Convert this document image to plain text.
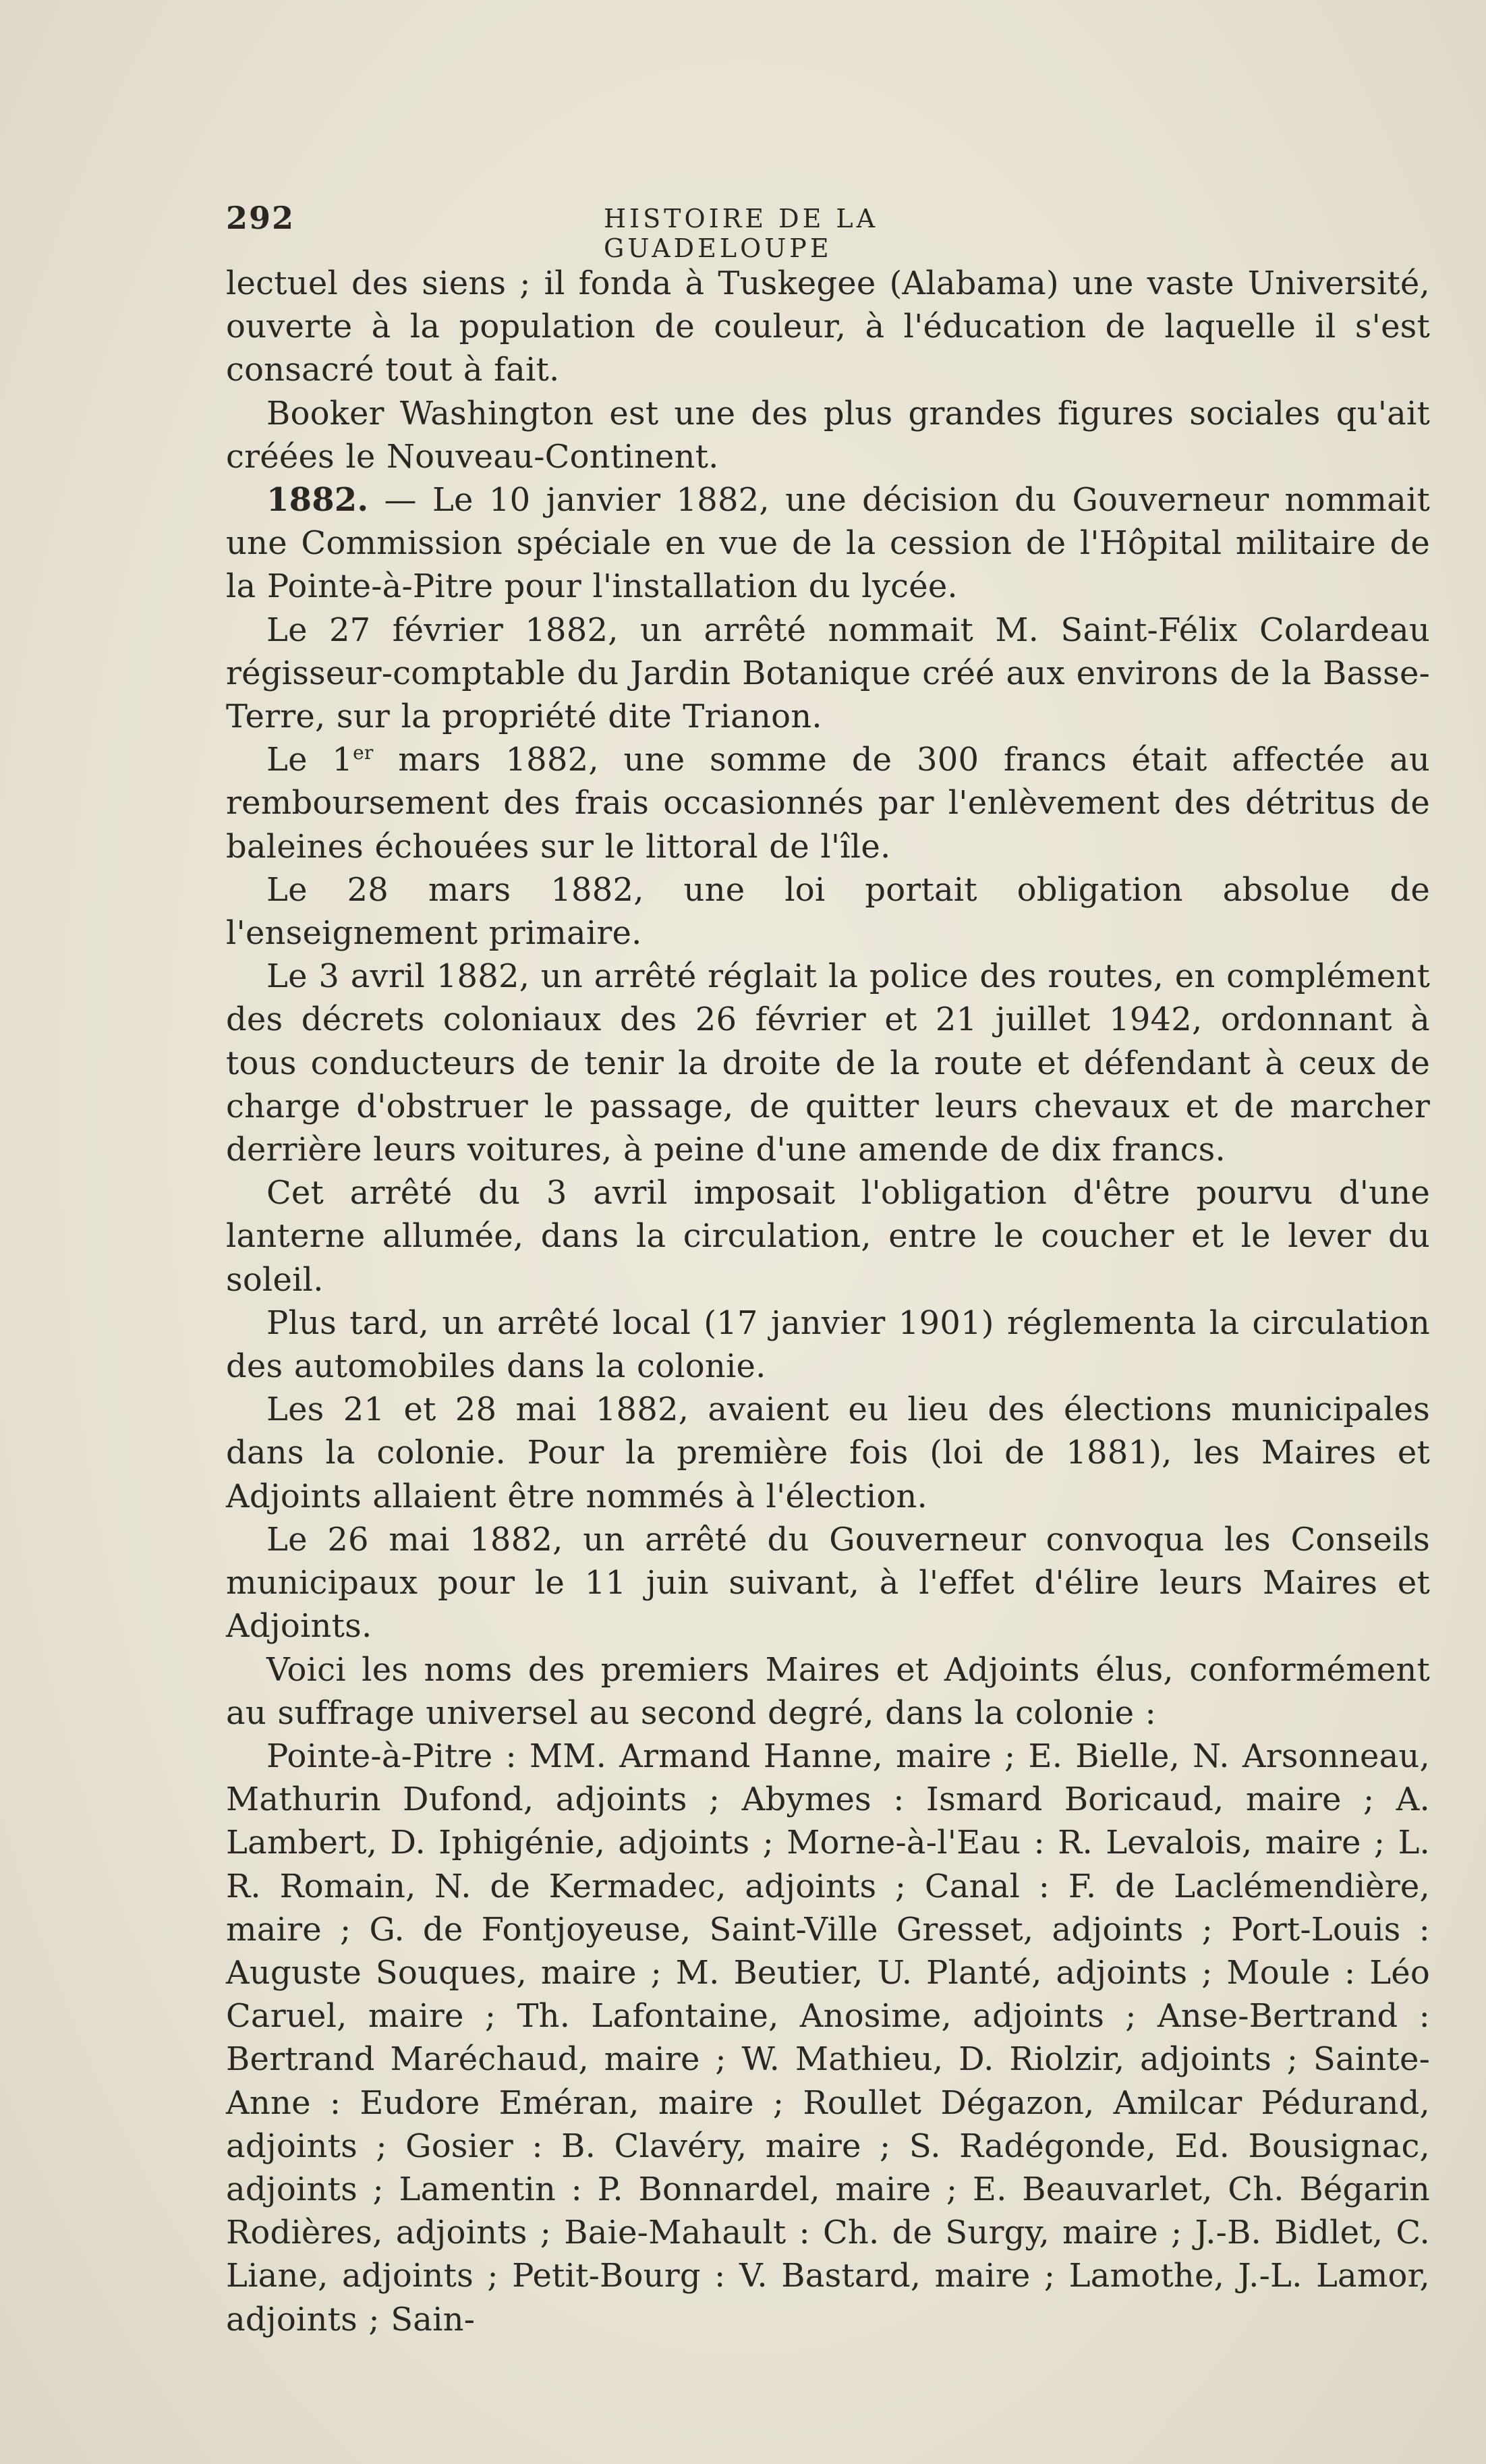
292	HISTOIRE DE LA GUADELOUPE

lectuel des siens ; il fonda à Tuskegee (Alabama) une vaste Université, ouverte à la population de couleur, à l'éducation de laquelle il s'est consacré tout à fait.

Booker Washington est une des plus grandes figures sociales qu'ait créées le Nouveau-Continent.

1882. — Le 10 janvier 1882, une décision du Gouverneur nommait une Commission spéciale en vue de la cession de l'Hôpital militaire de la Pointe-à-Pitre pour l'installation du lycée.

Le 27 février 1882, un arrêté nommait M. Saint-Félix Colardeau régisseur-comptable du Jardin Botanique créé aux environs de la Basse-Terre, sur la propriété dite Trianon.

Le 1er mars 1882, une somme de 300 francs était affectée au remboursement des frais occasionnés par l'enlèvement des détritus de baleines échouées sur le littoral de l'île.

Le 28 mars 1882, une loi portait obligation absolue de l'enseignement primaire.

Le 3 avril 1882, un arrêté réglait la police des routes, en complément des décrets coloniaux des 26 février et 21 juillet 1942, ordonnant à tous conducteurs de tenir la droite de la route et défendant à ceux de charge d'obstruer le passage, de quitter leurs chevaux et de marcher derrière leurs voitures, à peine d'une amende de dix francs.

Cet arrêté du 3 avril imposait l'obligation d'être pourvu d'une lanterne allumée, dans la circulation, entre le coucher et le lever du soleil.

Plus tard, un arrêté local (17 janvier 1901) réglementa la circulation des automobiles dans la colonie.

Les 21 et 28 mai 1882, avaient eu lieu des élections municipales dans la colonie. Pour la première fois (loi de 1881), les Maires et Adjoints allaient être nommés à l'élection.

Le 26 mai 1882, un arrêté du Gouverneur convoqua les Conseils municipaux pour le 11 juin suivant, à l'effet d'élire leurs Maires et Adjoints.

Voici les noms des premiers Maires et Adjoints élus, conformément au suffrage universel au second degré, dans la colonie :

Pointe-à-Pitre : MM. Armand Hanne, maire ; E. Bielle, N. Arsonneau, Mathurin Dufond, adjoints ; Abymes : Ismard Boricaud, maire ; A. Lambert, D. Iphigénie, adjoints ; Morne-à-l'Eau : R. Levalois, maire ; L. R. Romain, N. de Kermadec, adjoints ; Canal : F. de Laclémendière, maire ; G. de Fontjoyeuse, Saint-Ville Gresset, adjoints ; Port-Louis : Auguste Souques, maire ; M. Beutier, U. Planté, adjoints ; Moule : Léo Caruel, maire ; Th. Lafontaine, Anosime, adjoints ; Anse-Bertrand : Bertrand Maréchaud, maire ; W. Mathieu, D. Riolzir, adjoints ; Sainte-Anne : Eudore Eméran, maire ; Roullet Dégazon, Amilcar Pédurand, adjoints ; Gosier : B. Clavéry, maire ; S. Radégonde, Ed. Bousignac, adjoints ; Lamentin : P. Bonnardel, maire ; E. Beauvarlet, Ch. Bégarin Rodières, adjoints ; Baie-Mahault : Ch. de Surgy, maire ; J.-B. Bidlet, C. Liane, adjoints ; Petit-Bourg : V. Bastard, maire ; Lamothe, J.-L. Lamor, adjoints ; Sain-
